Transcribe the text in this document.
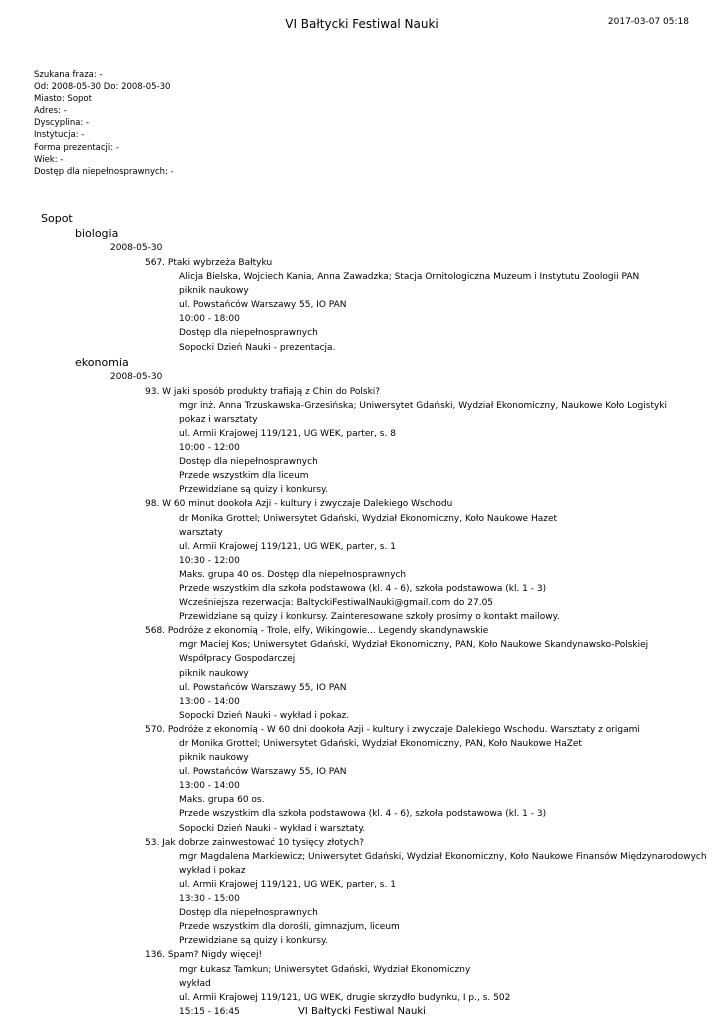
VI Bałtycki Festiwal Nauki	2017-03-07 05:18
Szukana fraza: -
Od: 2008-05-30 Do: 2008-05-30
Miasto: Sopot
Adres: -
Dyscyplina: -
Instytucja: -
Forma prezentacji: -
Wiek: -
Dostęp dla niepełnosprawnych: -
Sopot
biologia
2008-05-30
567. Ptaki wybrzeża Bałtyku
Alicja Bielska, Wojciech Kania, Anna Zawadzka; Stacja Ornitologiczna Muzeum i Instytutu Zoologii PAN
piknik naukowy
ul. Powstańców Warszawy 55, IO PAN
10:00 - 18:00
Dostęp dla niepełnosprawnych
Sopocki Dzień Nauki - prezentacja.
ekonomia
2008-05-30
93. W jaki sposób produkty trafiają z Chin do Polski?
mgr inż. Anna Trzuskawska-Grzesińska; Uniwersytet Gdański, Wydział Ekonomiczny, Naukowe Koło Logistyki
pokaz i warsztaty
ul. Armii Krajowej 119/121, UG WEK, parter, s. 8
10:00 - 12:00
Dostęp dla niepełnosprawnych
Przede wszystkim dla liceum
Przewidziane są quizy i konkursy.
98. W 60 minut dookoła Azji - kultury i zwyczaje Dalekiego Wschodu
dr Monika Grottel; Uniwersytet Gdański, Wydział Ekonomiczny, Koło Naukowe Hazet
warsztaty
ul. Armii Krajowej 119/121, UG WEK, parter, s. 1
10:30 - 12:00
Maks. grupa 40 os. Dostęp dla niepełnosprawnych
Przede wszystkim dla szkoła podstawowa (kl. 4 - 6), szkoła podstawowa (kl. 1 - 3)
Wcześniejsza rezerwacja: BaltyckiFestiwalNauki@gmail.com do 27.05
Przewidziane są quizy i konkursy. Zainteresowane szkoły prosimy o kontakt mailowy.
568. Podróże z ekonomią - Trole, elfy, Wikingowie... Legendy skandynawskie
mgr Maciej Kos; Uniwersytet Gdański, Wydział Ekonomiczny, PAN, Koło Naukowe Skandynawsko-Polskiej Współpracy Gospodarczej
piknik naukowy
ul. Powstańców Warszawy 55, IO PAN
13:00 - 14:00
Sopocki Dzień Nauki - wykład i pokaz.
570. Podróże z ekonomią - W 60 dni dookoła Azji - kultury i zwyczaje Dalekiego Wschodu. Warsztaty z origami
dr Monika Grottel; Uniwersytet Gdański, Wydział Ekonomiczny, PAN, Koło Naukowe HaZet
piknik naukowy
ul. Powstańców Warszawy 55, IO PAN
13:00 - 14:00
Maks. grupa 60 os.
Przede wszystkim dla szkoła podstawowa (kl. 4 - 6), szkoła podstawowa (kl. 1 - 3)
Sopocki Dzień Nauki - wykład i warsztaty.
53. Jak dobrze zainwestować 10 tysięcy złotych?
mgr Magdalena Markiewicz; Uniwersytet Gdański, Wydział Ekonomiczny, Koło Naukowe Finansów Międzynarodowych
wykład i pokaz
ul. Armii Krajowej 119/121, UG WEK, parter, s. 1
13:30 - 15:00
Dostęp dla niepełnosprawnych
Przede wszystkim dla dorośli, gimnazjum, liceum
Przewidziane są quizy i konkursy.
136. Spam? Nigdy więcej!
mgr Łukasz Tamkun; Uniwersytet Gdański, Wydział Ekonomiczny
wykład
ul. Armii Krajowej 119/121, UG WEK, drugie skrzydło budynku, I p., s. 502
15:15 - 16:45	VI Bałtycki Festiwal Nauki
